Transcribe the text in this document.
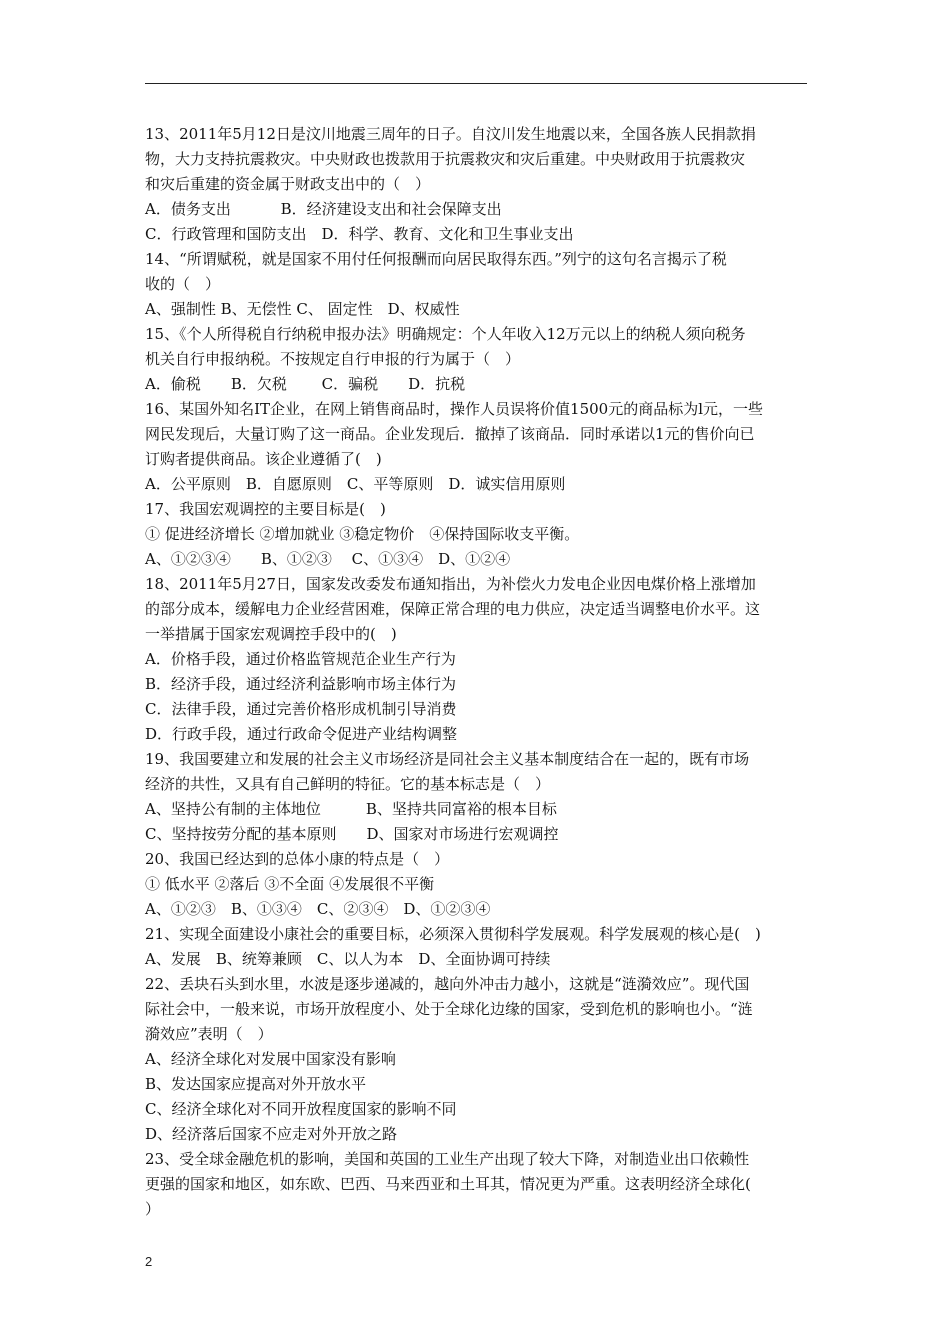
13、2011年5月12日是汶川地震三周年的日子。自汶川发生地震以来，全国各族人民捐款捐
物，大力支持抗震救灾。中央财政也拨款用于抗震救灾和灾后重建。中央财政用于抗震救灾
和灾后重建的资金属于财政支出中的（　）
A．债务支出　　　 B．经济建设支出和社会保障支出
C．行政管理和国防支出　D．科学、教育、文化和卫生事业支出
14、“所谓赋税，就是国家不用付任何报酬而向居民取得东西。”列宁的这句名言揭示了税
收的（　）
A、强制性 B、无偿性 C、 固定性　D、权威性
15、《个人所得税自行纳税申报办法》明确规定：个人年收入12万元以上的纳税人须向税务
机关自行申报纳税。不按规定自行申报的行为属于（　）
A．偷税　　B．欠税　　 C．骗税　　D．抗税
16、某国外知名IT企业，在网上销售商品时，操作人员误将价值1500元的商品标为l元，一些
网民发现后，大量订购了这一商品。企业发现后．撤掉了该商品．同时承诺以1元的售价向已
订购者提供商品。该企业遵循了(　)
A．公平原则　B．自愿原则　C、平等原则　D．诚实信用原则
17、我国宏观调控的主要目标是(　)
① 促进经济增长 ②增加就业 ③稳定物价　④保持国际收支平衡。
A、①②③④　　B、①②③　 C、①③④　D、①②④
18、2011年5月27日，国家发改委发布通知指出，为补偿火力发电企业因电煤价格上涨增加
的部分成本，缓解电力企业经营困难，保障正常合理的电力供应，决定适当调整电价水平。这
一举措属于国家宏观调控手段中的(　)
A．价格手段，通过价格监管规范企业生产行为
B．经济手段，通过经济利益影响市场主体行为
C．法律手段，通过完善价格形成机制引导消费
D．行政手段，通过行政命令促进产业结构调整
19、我国要建立和发展的社会主义市场经济是同社会主义基本制度结合在一起的，既有市场
经济的共性，又具有自己鲜明的特征。它的基本标志是（　）
A、坚持公有制的主体地位　　　B、坚持共同富裕的根本目标
C、坚持按劳分配的基本原则　　D、国家对市场进行宏观调控
20、我国已经达到的总体小康的特点是（　）
① 低水平 ②落后 ③不全面 ④发展很不平衡
A、①②③　B、①③④　C、②③④　D、①②③④
21、实现全面建设小康社会的重要目标，必须深入贯彻科学发展观。科学发展观的核心是(　)
A、发展　B、统筹兼顾　C、以人为本　D、全面协调可持续
22、丢块石头到水里，水波是逐步递减的，越向外冲击力越小，这就是“涟漪效应”。现代国
际社会中，一般来说，市场开放程度小、处于全球化边缘的国家，受到危机的影响也小。“涟
漪效应”表明（　）
A、经济全球化对发展中国家没有影响
B、发达国家应提高对外开放水平
C、经济全球化对不同开放程度国家的影响不同
D、经济落后国家不应走对外开放之路
23、受全球金融危机的影响，美国和英国的工业生产出现了较大下降，对制造业出口依赖性
更强的国家和地区，如东欧、巴西、马来西亚和土耳其，情况更为严重。这表明经济全球化(
）
2
